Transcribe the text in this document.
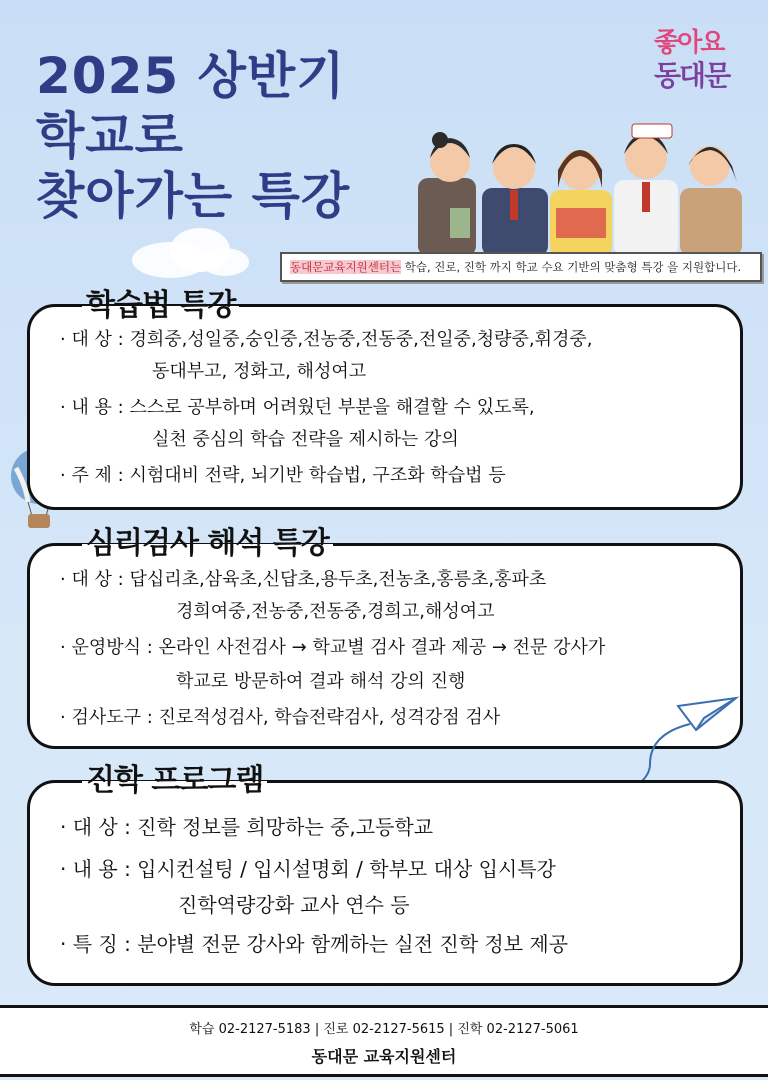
2025 상반기
학교로
찾아가는 특강
좋아요
동대문
동대문교육지원센터는 학습, 진로, 진학 까지 학교 수요 기반의 맞춤형 특강 을 지원합니다.
학습법 특강
· 대 상 : 경희중,성일중,숭인중,전농중,전동중,전일중,청량중,휘경중,
동대부고, 정화고, 해성여고
· 내 용 : 스스로 공부하며 어려웠던 부분을 해결할 수 있도록,
실천 중심의 학습 전략을 제시하는 강의
· 주 제 : 시험대비 전략, 뇌기반 학습법, 구조화 학습법 등
심리검사 해석 특강
· 대 상 : 답십리초,삼육초,신답초,용두초,전농초,홍릉초,홍파초
경희여중,전농중,전동중,경희고,해성여고
· 운영방식 : 온라인 사전검사 → 학교별 검사 결과 제공 → 전문 강사가
학교로 방문하여 결과 해석 강의 진행
· 검사도구 : 진로적성검사, 학습전략검사, 성격강점 검사
진학 프로그램
· 대 상 : 진학 정보를 희망하는 중,고등학교
· 내 용 : 입시컨설팅 / 입시설명회 / 학부모 대상 입시특강
진학역량강화 교사 연수 등
· 특 징 : 분야별 전문 강사와 함께하는 실전 진학 정보 제공
학습 02-2127-5183 | 진로 02-2127-5615 | 진학 02-2127-5061
동대문 교육지원센터
